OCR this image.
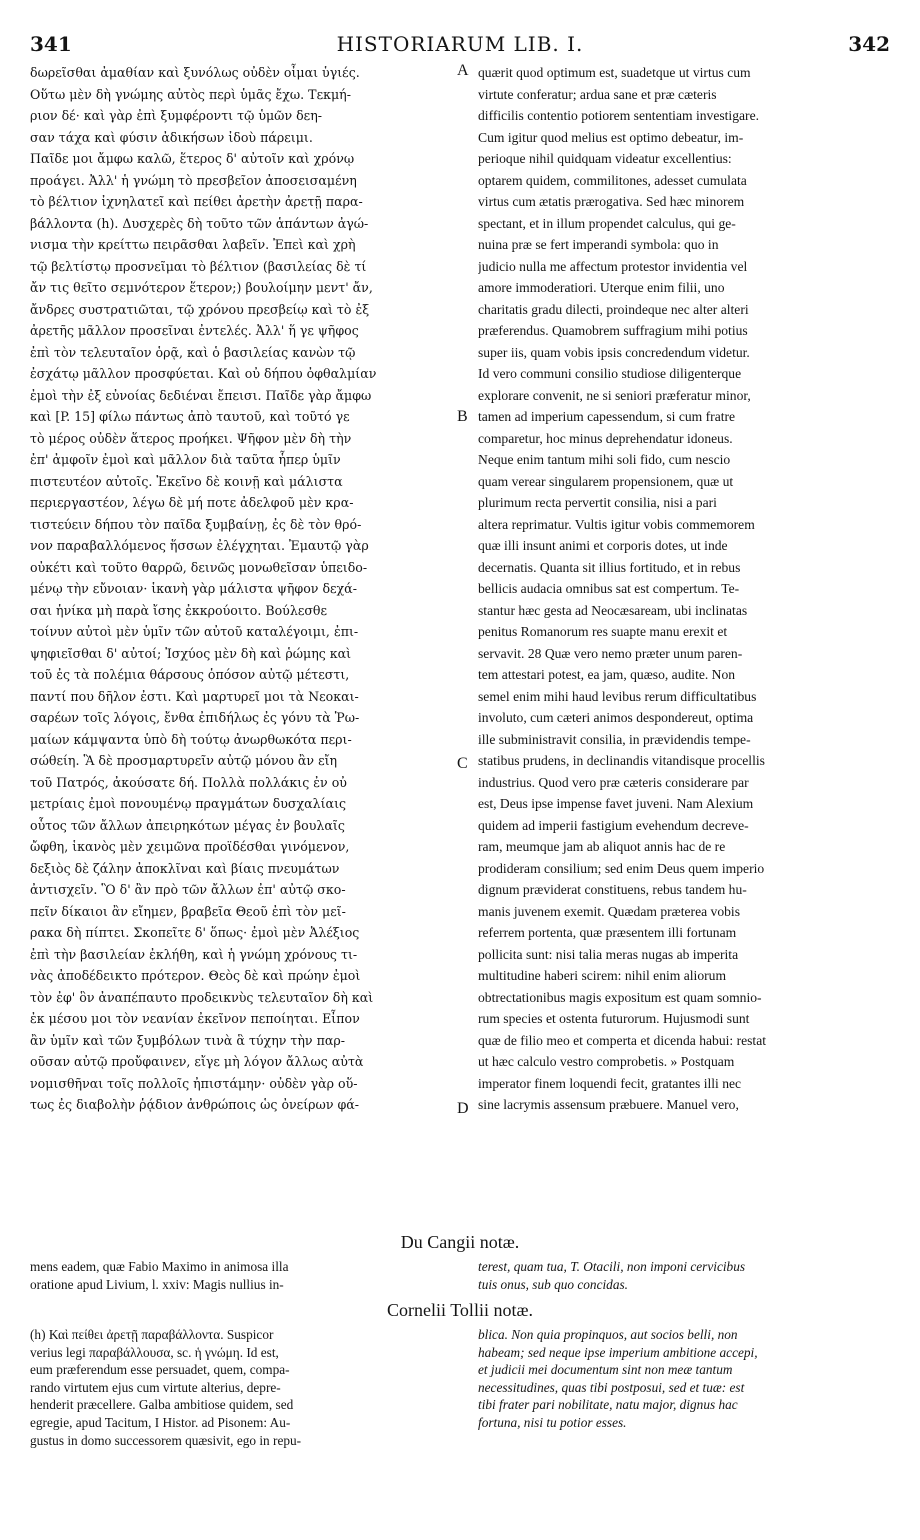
341	HISTORIARUM LIB. I.	342
δωρεῖσθαι ἀμαθίαν καὶ ξυνόλως οὐδὲν οἶμαι ὑγιές.
Οὕτω μὲν δὴ γνώμης αὐτὸς περὶ ὑμᾶς ἔχω. Τεκμή-
ριον δέ· καὶ γὰρ ἐπὶ ξυμφέροντι τῷ ὑμῶν δεη-
σαν τάχα καὶ φύσιν ἀδικήσων ἰδοὺ πάρειμι.
Παῖδε μοι ἄμφω καλῶ, ἕτερος δ' αὐτοῖν καὶ χρόνῳ
προάγει. Ἀλλ' ἡ γνώμη τὸ πρεσβεῖον ἀποσεισαμένη
τὸ βέλτιον ἰχνηλατεῖ καὶ πείθει ἀρετὴν ἀρετῇ παρα-
βάλλοντα (h). Δυσχερὲς δὴ τοῦτο τῶν ἁπάντων ἀγώ-
νισμα τὴν κρείττω πειρᾶσθαι λαβεῖν. Ἐπεὶ καὶ χρὴ
τῷ βελτίστῳ προσνεῖμαι τὸ βέλτιον (βασιλείας δὲ τί
ἄν τις θεῖτο σεμνότερον ἕτερον;) βουλοίμην μεντ' ἄν,
ἄνδρες συστρατιῶται, τῷ χρόνου πρεσβείῳ καὶ τὸ ἐξ
ἀρετῆς μᾶλλον προσεῖναι ἐντελές. Ἀλλ' ἥ γε ψῆφος
ἐπὶ τὸν τελευταῖον ὁρᾷ, καὶ ὁ βασιλείας κανὼν τῷ
ἐσχάτῳ μᾶλλον προσφύεται. Καὶ οὐ δήπου ὀφθαλμίαν
ἐμοὶ τὴν ἐξ εὐνοίας δεδιέναι ἔπεισι. Παῖδε γὰρ ἄμφω
καὶ [P. 15] φίλω πάντως ἀπὸ ταυτοῦ, καὶ τοῦτό γε
τὸ μέρος οὐδὲν ἅτερος προήκει. Ψῆφον μὲν δὴ τὴν
ἐπ' ἀμφοῖν ἐμοὶ καὶ μᾶλλον διὰ ταῦτα ἧπερ ὑμῖν
πιστευτέον αὐτοῖς. Ἐκεῖνο δὲ κοινῇ καὶ μάλιστα
περιεργαστέον, λέγω δὲ μή ποτε ἀδελφοῦ μὲν κρα-
τιστεύειν δήπου τὸν παῖδα ξυμβαίνῃ, ἐς δὲ τὸν θρό-
νον παραβαλλόμενος ἥσσων ἐλέγχηται. Ἐμαυτῷ γὰρ
οὐκέτι καὶ τοῦτο θαρρῶ, δεινῶς μονωθεῖσαν ὑπειδο-
μένῳ τὴν εὔνοιαν· ἱκανὴ γὰρ μάλιστα ψῆφον δεχά-
σαι ἡνίκα μὴ παρὰ ἴσης ἐκκρούοιτο. Βούλεσθε
τοίνυν αὐτοὶ μὲν ὑμῖν τῶν αὐτοῦ καταλέγοιμι, ἐπι-
ψηφιεῖσθαι δ' αὐτοί; Ἰσχύος μὲν δὴ καὶ ῥώμης καὶ
τοῦ ἐς τὰ πολέμια θάρσους ὁπόσον αὐτῷ μέτεστι,
παντί που δῆλον ἐστι. Καὶ μαρτυρεῖ μοι τὰ Νεοκαι-
σαρέων τοῖς λόγοις, ἔνθα ἐπιδήλως ἐς γόνυ τὰ Ῥω-
μαίων κάμψαντα ὑπὸ δὴ τούτῳ ἀνωρθωκότα περι-
σώθείη. Ἃ δὲ προσμαρτυρεῖν αὐτῷ μόνου ἂν εἴη
τοῦ Πατρός, ἀκούσατε δή. Πολλὰ πολλάκις ἐν οὐ
μετρίαις ἐμοὶ πονουμένῳ πραγμάτων δυσχαλίαις
οὗτος τῶν ἄλλων ἀπειρηκότων μέγας ἐν βουλαῖς
ὤφθη, ἱκανὸς μὲν χειμῶνα προϊδέσθαι γινόμενον,
δεξιὸς δὲ ζάλην ἀποκλῖναι καὶ βίαις πνευμάτων
ἀντισχεῖν. Ὃ δ' ἂν πρὸ τῶν ἄλλων ἐπ' αὐτῷ σκο-
πεῖν δίκαιοι ἂν εἴημεν, βραβεῖα Θεοῦ ἐπὶ τὸν μεῖ-
ρακα δὴ πίπτει. Σκοπεῖτε δ' ὅπως· ἐμοὶ μὲν Ἀλέξιος
ἐπὶ τὴν βασιλείαν ἐκλήθη, καὶ ἡ γνώμη χρόνους τι-
νὰς ἀποδέδεικτο πρότερον. Θεὸς δὲ καὶ πρώην ἐμοὶ
τὸν ἐφ' ὃν ἀναπέπαυτο προδεικνὺς τελευταῖον δὴ καὶ
ἐκ μέσου μοι τὸν νεανίαν ἐκεῖνον πεποίηται. Εἶπον
ἂν ὑμῖν καὶ τῶν ξυμβόλων τινὰ ἃ τύχην τὴν παρ-
οῦσαν αὐτῷ προὔφαινεν, εἴγε μὴ λόγον ἄλλως αὐτὰ
νομισθῆναι τοῖς πολλοῖς ἠπιστάμην· οὐδὲν γὰρ οὕ-
τως ἐς διαβολὴν ῥᾴδιον ἀνθρώποις ὡς ὀνείρων φά-
quærit quod optimum est, suadetque ut virtus cum
virtute conferatur; ardua sane et præ cæteris
difficilis contentio potiorem sententiam investigare.
Cum igitur quod melius est optimo debeatur, im-
perioque nihil quidquam videatur excellentius:
optarem quidem, commilitones, adesset cumulata
virtus cum ætatis prærogativa. Sed hæc minorem
spectant, et in illum propendet calculus, qui ge-
nuina præ se fert imperandi symbola: quo in
judicio nulla me affectum protestor invidentia vel
amore immoderatiori. Uterque enim filii, uno
charitatis gradu dilecti, proindeque nec alter alteri
præferendus. Quamobrem suffragium mihi potius
super iis, quam vobis ipsis concredendum videtur.
Id vero communi consilio studiose diligenterque
explorare convenit, ne si seniori præferatur minor,
tamen ad imperium capessendum, si cum fratre
comparetur, hoc minus deprehendatur idoneus.
Neque enim tantum mihi soli fido, cum nescio
quam verear singularem propensionem, quæ ut
plurimum recta pervertit consilia, nisi a pari
altera reprimatur. Vultis igitur vobis commemorem
quæ illi insunt animi et corporis dotes, ut inde
decernatis. Quanta sit illius fortitudo, et in rebus
bellicis audacia omnibus sat est compertum. Te-
stantur hæc gesta ad Neocæsaream, ubi inclinatas
penitus Romanorum res suapte manu erexit et
servavit. 28 Quæ vero nemo præter unum paren-
tem attestari potest, ea jam, quæso, audite. Non
semel enim mihi haud levibus rerum difficultatibus
involuto, cum cæteri animos despondereut, optima
ille subministravit consilia, in prævidendis tempe-
statibus prudens, in declinandis vitandisque procellis
industrius. Quod vero præ cæteris considerare par
est, Deus ipse impense favet juveni. Nam Alexium
quidem ad imperii fastigium evehendum decreve-
ram, meumque jam ab aliquot annis hac de re
prodideram consilium; sed enim Deus quem imperio
dignum præviderat constituens, rebus tandem hu-
manis juvenem exemit. Quædam præterea vobis
referrem portenta, quæ præsentem illi fortunam
pollicita sunt: nisi talia meras nugas ab imperita
multitudine haberi scirem: nihil enim aliorum
obtrectationibus magis expositum est quam somnio-
rum species et ostenta futurorum. Hujusmodi sunt
quæ de filio meo et comperta et dicenda habui: restat
ut hæc calculo vestro comprobetis. » Postquam
imperator finem loquendi fecit, gratantes illi nec
sine lacrymis assensum præbuere. Manuel vero,
A
B
C
D
Du Cangii notæ.
mens eadem, quæ Fabio Maximo in animosa illa
oratione apud Livium, l. xxiv: Magis nullius in-
terest, quam tua, T. Otacili, non imponi cervicibus
tuis onus, sub quo concidas.
Cornelii Tollii notæ.
(h) Καὶ πείθει ἀρετῇ παραβάλλοντα. Suspicor
verius legi παραβάλλουσα, sc. ἡ γνώμη. Id est,
eum præferendum esse persuadet, quem, compa-
rando virtutem ejus cum virtute alterius, depre-
henderit præcellere. Galba ambitiose quidem, sed
egregie, apud Tacitum, I Histor. ad Pisonem: Au-
gustus in domo successorem quæsivit, ego in repu-
blica. Non quia propinquos, aut socios belli, non
habeam; sed neque ipse imperium ambitione accepi,
et judicii mei documentum sint non meæ tantum
necessitudines, quas tibi postposui, sed et tuæ: est
tibi frater pari nobilitate, natu major, dignus hac
fortuna, nisi tu potior esses.
